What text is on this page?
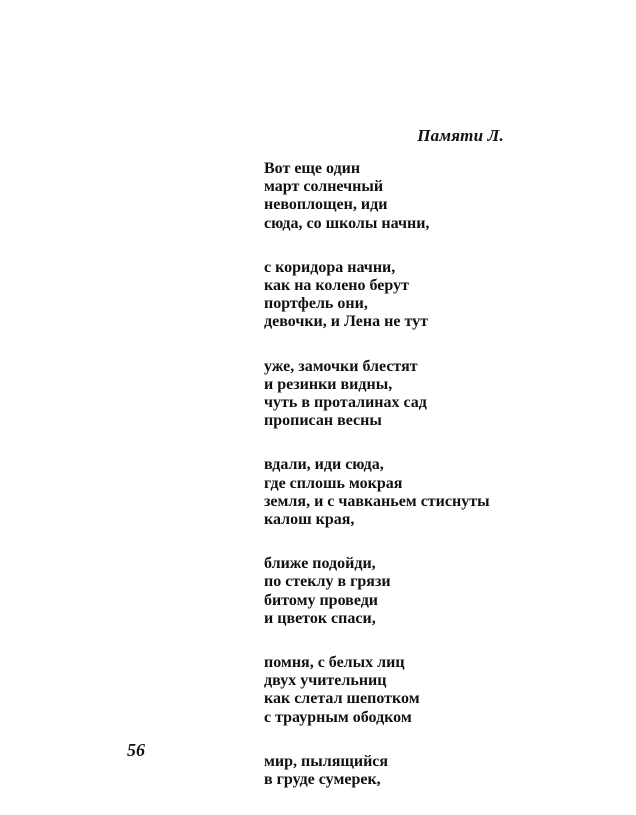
Памяти Л.
Вот еще один
март солнечный
невоплощен, иди
сюда, со школы начни,
с коридора начни,
как на колено берут
портфель они,
девочки, и Лена не тут
уже, замочки блестят
и резинки видны,
чуть в проталинах сад
прописан весны
вдали, иди сюда,
где сплошь мокрая
земля, и с чавканьем стиснуты
калош края,
ближе подойди,
по стеклу в грязи
битому проведи
и цветок спаси,
помня, с белых лиц
двух учительниц
как слетал шепотком
с траурным ободком
мир, пылящийся
в груде сумерек,
56
